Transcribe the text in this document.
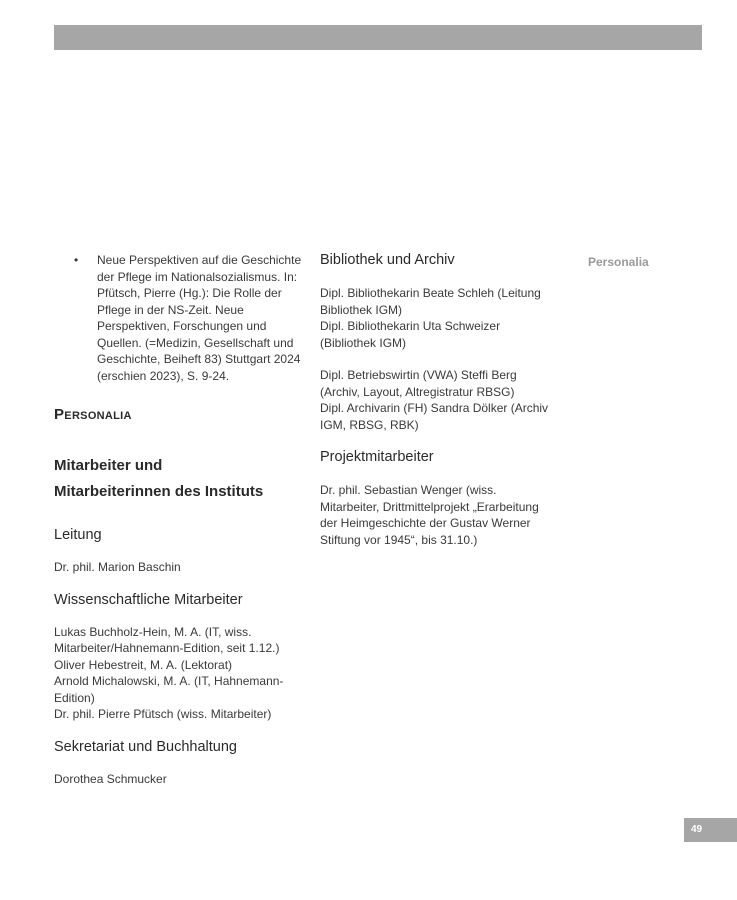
Personalia
• Neue Perspektiven auf die Geschichte der Pflege im Nationalsozialismus. In: Pfütsch, Pierre (Hg.): Die Rolle der Pflege in der NS-Zeit. Neue Perspektiven, Forschungen und Quellen. (=Medizin, Gesellschaft und Geschichte, Beiheft 83) Stuttgart 2024 (erschien 2023), S. 9-24.
Personalia
Mitarbeiter und
Mitarbeiterinnen des Instituts
Leitung
Dr. phil. Marion Baschin
Wissenschaftliche Mitarbeiter
Lukas Buchholz-Hein, M. A. (IT, wiss.
Mitarbeiter/Hahnemann-Edition, seit 1.12.)
Oliver Hebestreit, M. A. (Lektorat)
Arnold Michalowski, M. A. (IT, Hahnemann-
Edition)
Dr. phil. Pierre Pfütsch (wiss. Mitarbeiter)
Sekretariat und Buchhaltung
Dorothea Schmucker
Bibliothek und Archiv
Dipl. Bibliothekarin Beate Schleh (Leitung
Bibliothek IGM)
Dipl. Bibliothekarin Uta Schweizer
(Bibliothek IGM)
Dipl. Betriebswirtin (VWA) Steffi Berg
(Archiv, Layout, Altregistratur RBSG)
Dipl. Archivarin (FH) Sandra Dölker (Archiv
IGM, RBSG, RBK)
Projektmitarbeiter
Dr. phil. Sebastian Wenger (wiss.
Mitarbeiter, Drittmittelprojekt „Erarbeitung
der Heimgeschichte der Gustav Werner
Stiftung vor 1945“, bis 31.10.)
49
